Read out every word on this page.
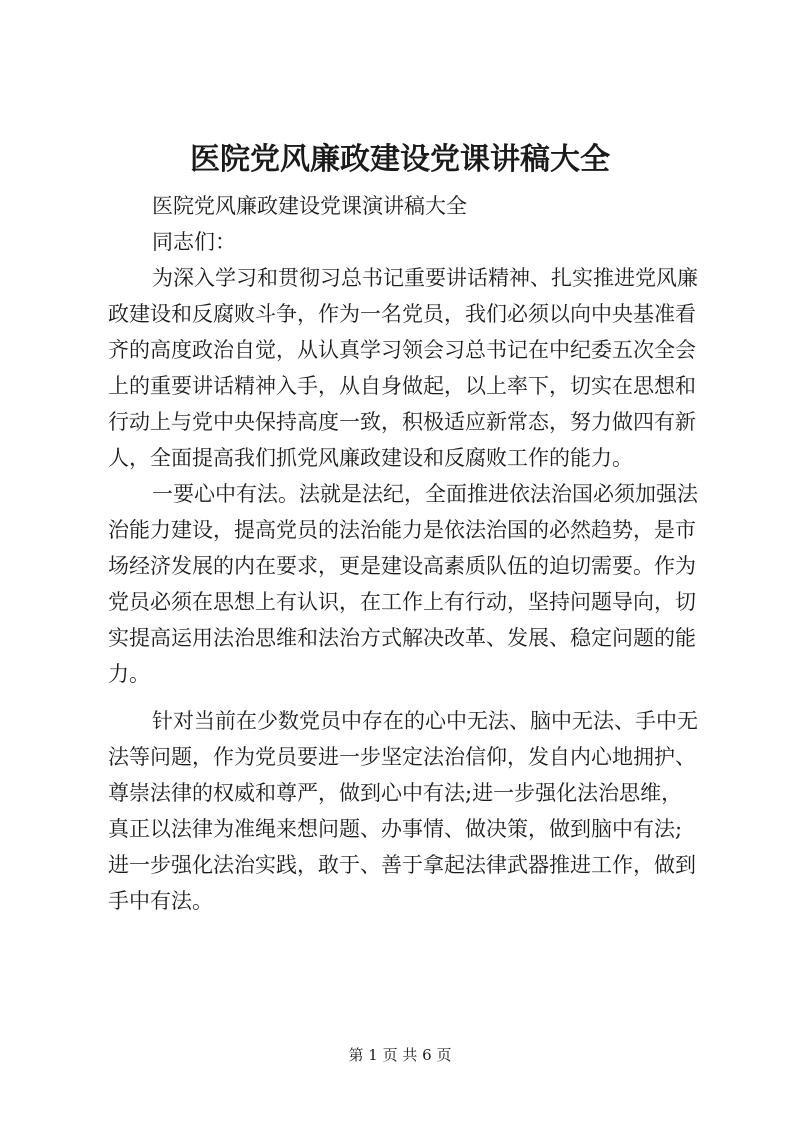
医院党风廉政建设党课讲稿大全
医院党风廉政建设党课演讲稿大全
同志们：
为深入学习和贯彻习总书记重要讲话精神、扎实推进党风廉
政建设和反腐败斗争，作为一名党员，我们必须以向中央基准看
齐的高度政治自觉，从认真学习领会习总书记在中纪委五次全会
上的重要讲话精神入手，从自身做起，以上率下，切实在思想和
行动上与党中央保持高度一致，积极适应新常态，努力做四有新
人，全面提高我们抓党风廉政建设和反腐败工作的能力。
一要心中有法。法就是法纪，全面推进依法治国必须加强法
治能力建设，提高党员的法治能力是依法治国的必然趋势，是市
场经济发展的内在要求，更是建设高素质队伍的迫切需要。作为
党员必须在思想上有认识，在工作上有行动，坚持问题导向，切
实提高运用法治思维和法治方式解决改革、发展、稳定问题的能
力。
针对当前在少数党员中存在的心中无法、脑中无法、手中无
法等问题，作为党员要进一步坚定法治信仰，发自内心地拥护、
尊崇法律的权威和尊严，做到心中有法;进一步强化法治思维，
真正以法律为准绳来想问题、办事情、做决策，做到脑中有法;
进一步强化法治实践，敢于、善于拿起法律武器推进工作，做到
手中有法。
第 1 页 共 6 页
